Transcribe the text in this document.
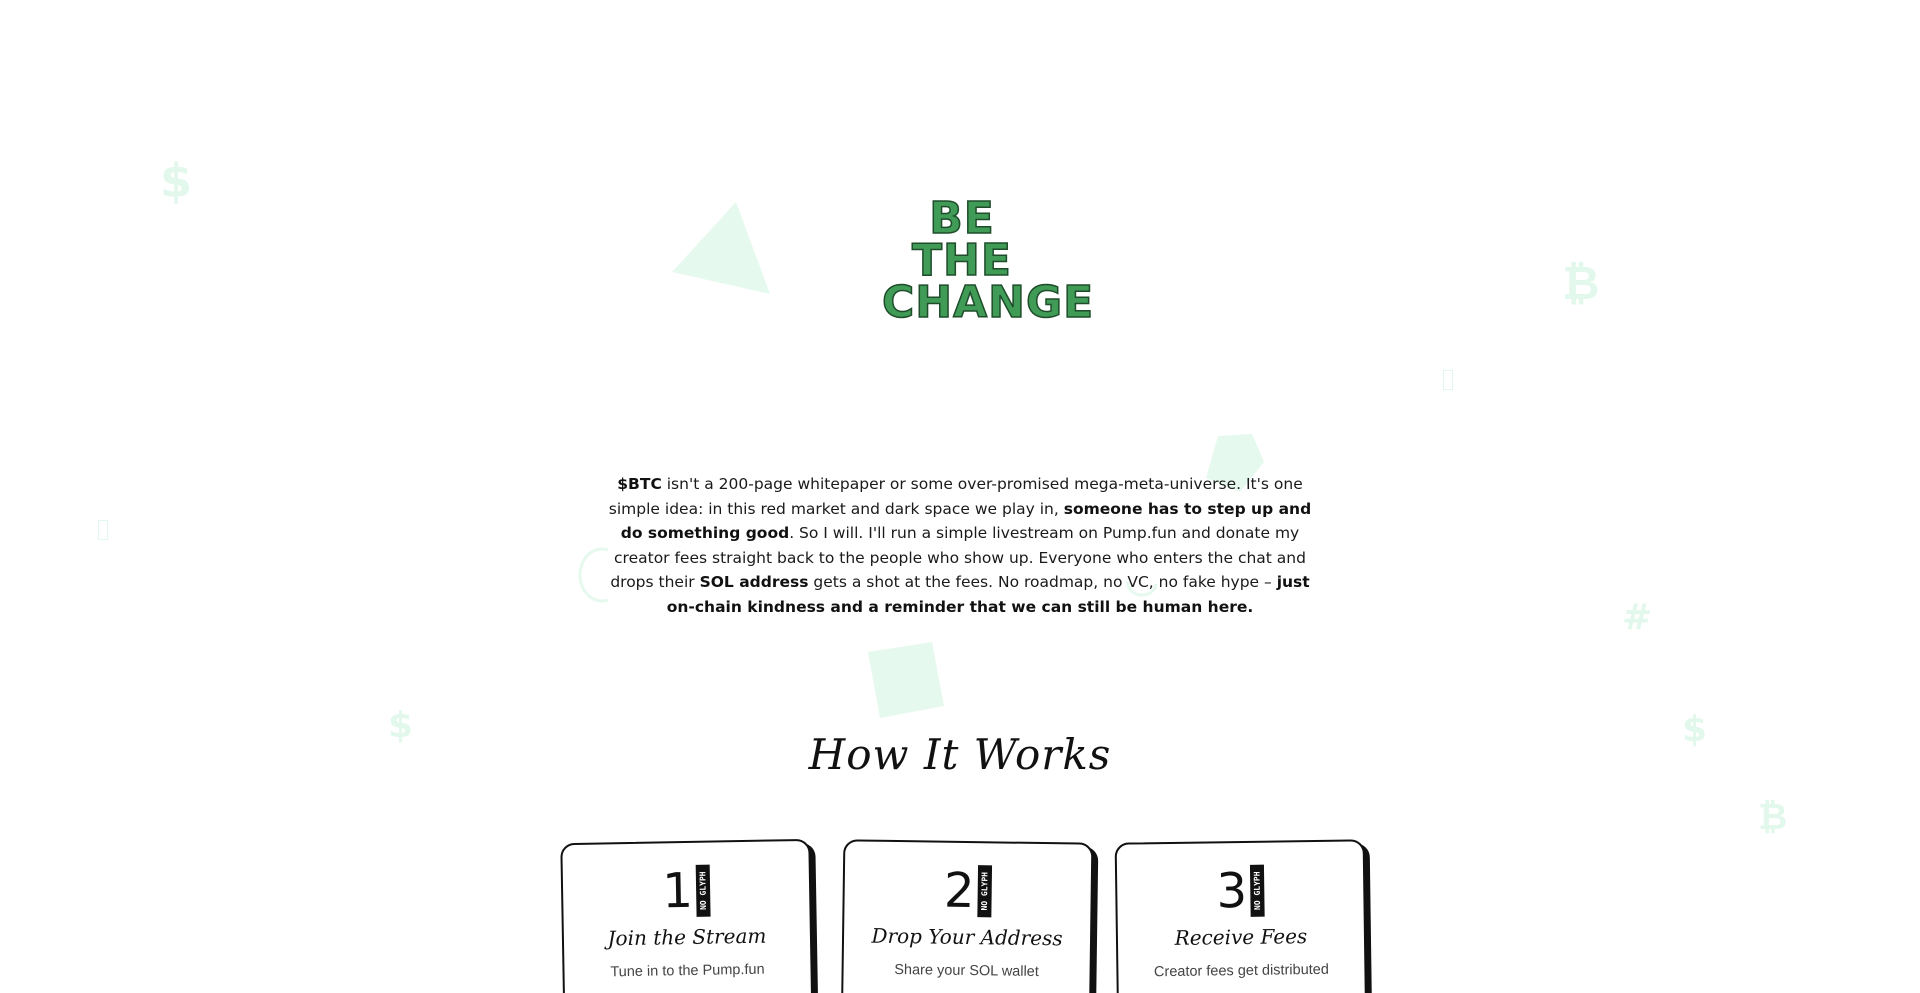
$
₿
#
$	$
₿
BE THE
CHANGE
$BTC isn't a 200-page whitepaper or some over-promised mega-meta-universe. It's one simple idea: in this red market and dark space we play in, someone has to step up and do something good. So I will. I'll run a simple livestream on Pump.fun and donate my creator fees straight back to the people who show up. Everyone who enters the chat and drops their SOL address gets a shot at the fees. No roadmap, no VC, no fake hype – just on-chain kindness and a reminder that we can still be human here.
How It Works
1 NO GLYPH
Join the Stream
Tune in to the Pump.fun
2 NO GLYPH
Drop Your Address
Share your SOL wallet
3 NO GLYPH
Receive Fees
Creator fees get distributed
